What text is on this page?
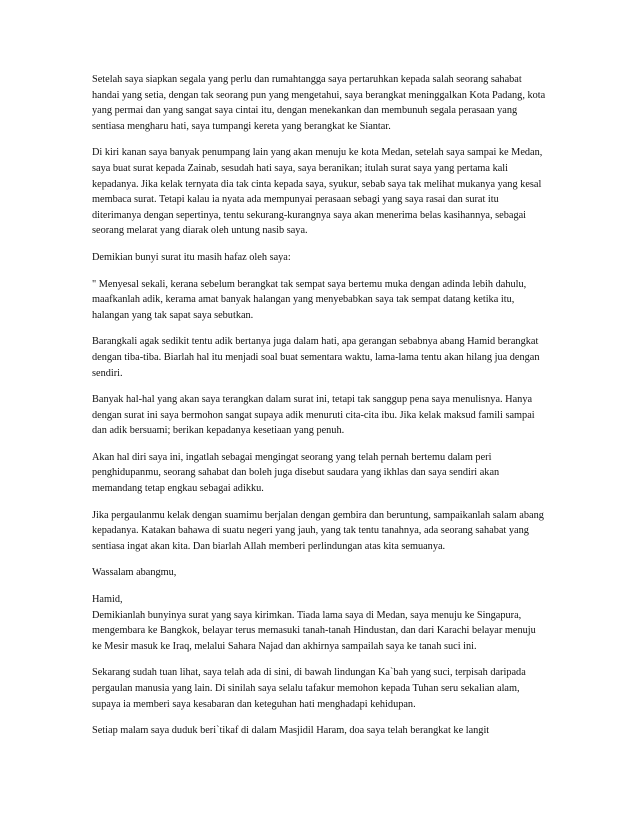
Setelah saya siapkan segala yang perlu dan rumahtangga saya pertaruhkan kepada salah seorang sahabat handai yang setia, dengan tak seorang pun yang mengetahui, saya berangkat meninggalkan Kota Padang, kota yang permai dan yang sangat saya cintai itu, dengan menekankan dan membunuh segala perasaan yang sentiasa mengharu hati, saya tumpangi kereta yang berangkat ke Siantar.

Di kiri kanan saya banyak penumpang lain yang akan menuju ke kota Medan, setelah saya sampai ke Medan, saya buat surat kepada Zainab, sesudah hati saya, saya beranikan; itulah surat saya yang pertama kali kepadanya. Jika kelak ternyata dia tak cinta kepada saya, syukur, sebab saya tak melihat mukanya yang kesal membaca surat. Tetapi kalau ia nyata ada mempunyai perasaan sebagi yang saya rasai dan surat itu diterimanya dengan sepertinya, tentu sekurang-kurangnya saya akan menerima belas kasihannya, sebagai seorang melarat yang diarak oleh untung nasib saya.

Demikian bunyi surat itu masih hafaz oleh saya:

" Menyesal sekali, kerana sebelum berangkat tak sempat saya bertemu muka dengan adinda lebih dahulu, maafkanlah adik, kerama amat banyak halangan yang menyebabkan saya tak sempat datang ketika itu, halangan yang tak sapat saya sebutkan.

Barangkali agak sedikit tentu adik bertanya juga dalam hati, apa gerangan sebabnya abang Hamid berangkat dengan tiba-tiba. Biarlah hal itu menjadi soal buat sementara waktu, lama-lama tentu akan hilang jua dengan sendiri.

Banyak hal-hal yang akan saya terangkan dalam surat ini, tetapi tak sanggup pena saya menulisnya. Hanya dengan surat ini saya bermohon sangat supaya adik menuruti cita-cita ibu. Jika kelak maksud famili sampai dan adik bersuami; berikan kepadanya kesetiaan yang penuh.

Akan hal diri saya ini, ingatlah sebagai mengingat seorang yang telah pernah bertemu dalam peri penghidupanmu, seorang sahabat dan boleh juga disebut saudara yang ikhlas dan saya sendiri akan memandang tetap engkau sebagai adikku.

Jika pergaulanmu kelak dengan suamimu berjalan dengan gembira dan beruntung, sampaikanlah salam abang kepadanya. Katakan bahawa di suatu negeri yang jauh, yang tak tentu tanahnya, ada seorang sahabat yang sentiasa ingat akan kita. Dan biarlah Allah memberi perlindungan atas kita semuanya.

Wassalam abangmu,

Hamid,

Demikianlah bunyinya surat yang saya kirimkan. Tiada lama saya di Medan, saya menuju ke Singapura, mengembara ke Bangkok, belayar terus memasuki tanah-tanah Hindustan, dan dari Karachi belayar menuju ke Mesir masuk ke Iraq, melalui Sahara Najad dan akhirnya sampailah saya ke tanah suci ini.

Sekarang sudah tuan lihat, saya telah ada di sini, di bawah lindungan Ka`bah yang suci, terpisah daripada pergaulan manusia yang lain. Di sinilah saya selalu tafakur memohon kepada Tuhan seru sekalian alam, supaya ia memberi saya kesabaran dan keteguhan hati menghadapi kehidupan.

Setiap malam saya duduk beri`tikaf di dalam Masjidil Haram, doa saya telah berangkat ke langit
